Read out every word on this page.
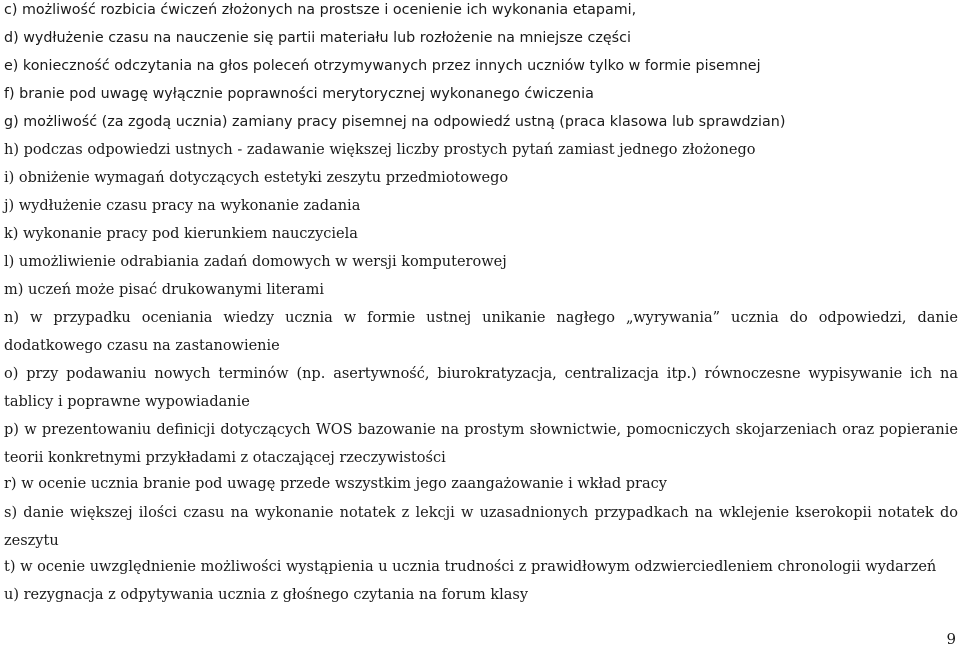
c) możliwość rozbicia ćwiczeń złożonych na prostsze i ocenienie ich wykonania etapami,

d) wydłużenie czasu na nauczenie się partii materiału lub rozłożenie na mniejsze części

e) konieczność odczytania na głos poleceń otrzymywanych przez innych uczniów tylko w formie pisemnej

f) branie pod uwagę wyłącznie poprawności merytorycznej wykonanego ćwiczenia

g) możliwość (za zgodą ucznia) zamiany pracy pisemnej na odpowiedź ustną (praca klasowa lub sprawdzian)

h) podczas odpowiedzi ustnych - zadawanie większej liczby prostych pytań zamiast jednego złożonego

i) obniżenie wymagań dotyczących estetyki zeszytu przedmiotowego

j) wydłużenie czasu pracy na wykonanie zadania

k) wykonanie pracy pod kierunkiem nauczyciela

l) umożliwienie odrabiania zadań domowych w wersji komputerowej

m) uczeń może pisać drukowanymi literami

n) w przypadku oceniania wiedzy ucznia w formie ustnej unikanie nagłego „wyrywania” ucznia do odpowiedzi, danie dodatkowego czasu na zastanowienie

o) przy podawaniu nowych terminów (np. asertywność, biurokratyzacja, centralizacja itp.) równoczesne wypisywanie ich na tablicy i poprawne wypowiadanie

p) w prezentowaniu definicji dotyczących WOS bazowanie na prostym słownictwie, pomocniczych skojarzeniach oraz popieranie teorii konkretnymi przykładami z otaczającej rzeczywistości

r) w ocenie ucznia branie pod uwagę przede wszystkim jego zaangażowanie i wkład pracy

s) danie większej ilości czasu na wykonanie notatek z lekcji w uzasadnionych przypadkach na wklejenie kserokopii notatek do zeszytu

t) w ocenie uwzględnienie możliwości wystąpienia u ucznia trudności z prawidłowym odzwierciedleniem chronologii wydarzeń

u) rezygnacja z odpytywania ucznia z głośnego czytania na forum klasy

9
